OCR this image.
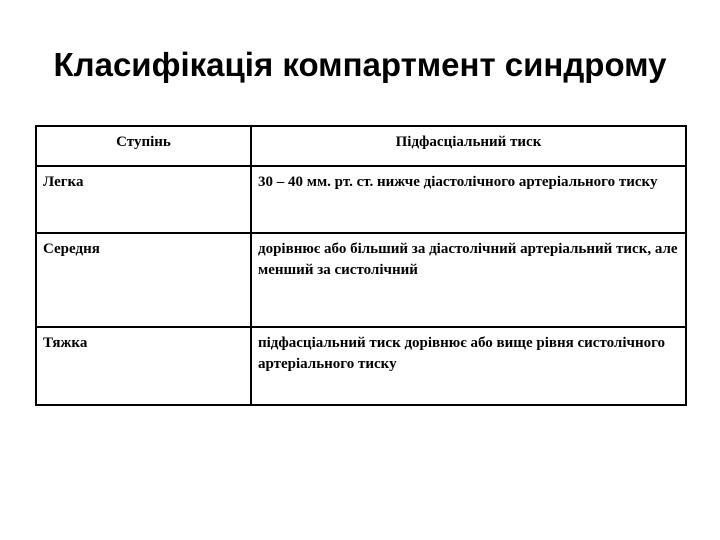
Класифікація компартмент синдрому
Ступінь	Підфасціальний тиск
Легка	30 – 40 мм. рт. ст. нижче діастолічного артеріального тиску
Середня	дорівнює або більший за діастолічний артеріальний тиск, але менший за систолічний
Тяжка	підфасціальний тиск дорівнює або вище рівня систолічного артеріального тиску
